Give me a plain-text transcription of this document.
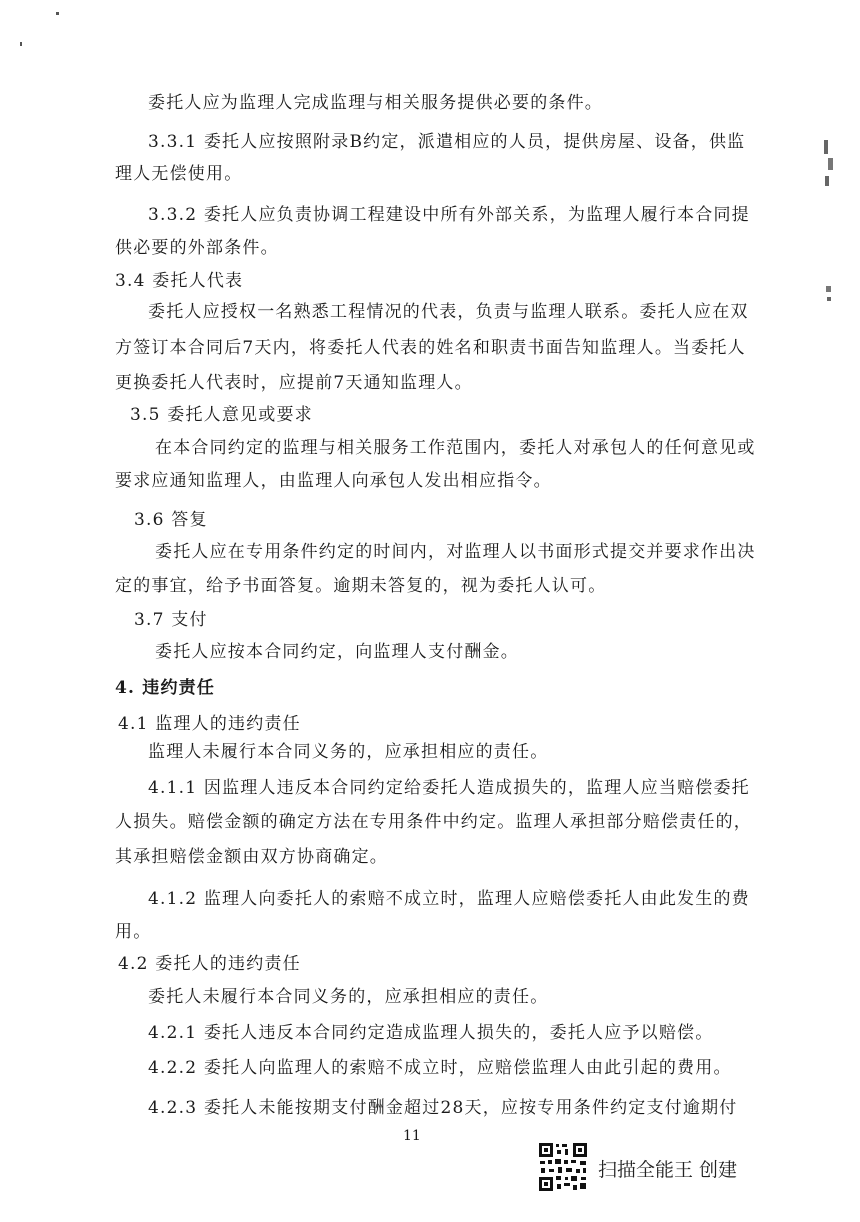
委托人应为监理人完成监理与相关服务提供必要的条件。
3.3.1 委托人应按照附录B约定，派遣相应的人员，提供房屋、设备，供监
理人无偿使用。
3.3.2 委托人应负责协调工程建设中所有外部关系，为监理人履行本合同提
供必要的外部条件。
3.4 委托人代表
委托人应授权一名熟悉工程情况的代表，负责与监理人联系。委托人应在双
方签订本合同后7天内，将委托人代表的姓名和职责书面告知监理人。当委托人
更换委托人代表时，应提前7天通知监理人。
3.5 委托人意见或要求
在本合同约定的监理与相关服务工作范围内，委托人对承包人的任何意见或
要求应通知监理人，由监理人向承包人发出相应指令。
3.6 答复
委托人应在专用条件约定的时间内，对监理人以书面形式提交并要求作出决
定的事宜，给予书面答复。逾期未答复的，视为委托人认可。
3.7 支付
委托人应按本合同约定，向监理人支付酬金。
4. 违约责任
4.1 监理人的违约责任
监理人未履行本合同义务的，应承担相应的责任。
4.1.1 因监理人违反本合同约定给委托人造成损失的，监理人应当赔偿委托
人损失。赔偿金额的确定方法在专用条件中约定。监理人承担部分赔偿责任的，
其承担赔偿金额由双方协商确定。
4.1.2 监理人向委托人的索赔不成立时，监理人应赔偿委托人由此发生的费
用。
4.2 委托人的违约责任
委托人未履行本合同义务的，应承担相应的责任。
4.2.1 委托人违反本合同约定造成监理人损失的，委托人应予以赔偿。
4.2.2 委托人向监理人的索赔不成立时，应赔偿监理人由此引起的费用。
4.2.3 委托人未能按期支付酬金超过28天，应按专用条件约定支付逾期付
11
扫描全能王 创建
